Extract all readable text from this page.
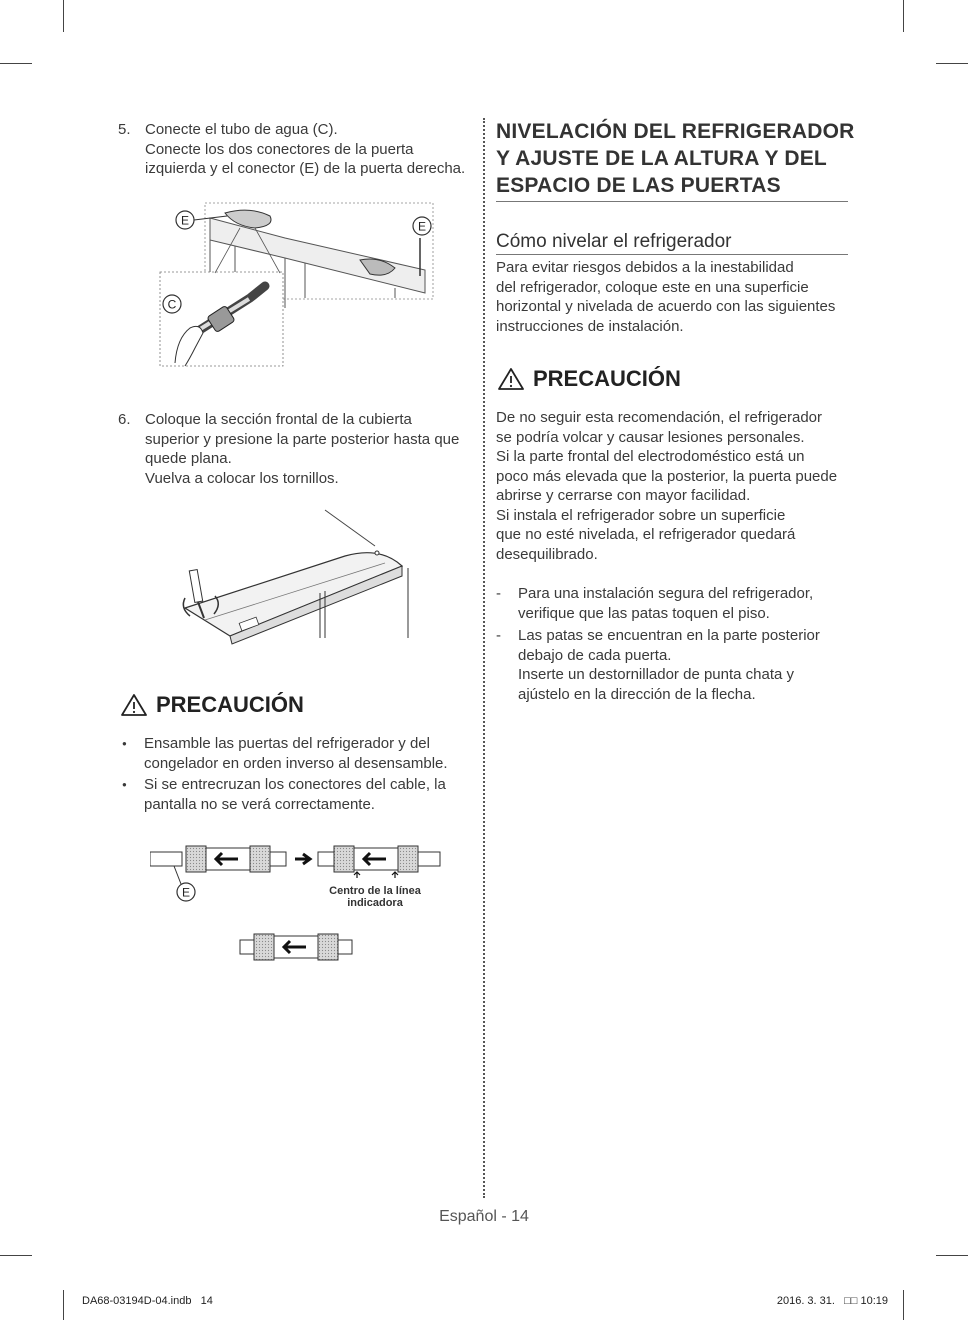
5. Conecte el tubo de agua (C).
Conecte los dos conectores de la puerta
izquierda y el conector (E) de la puerta derecha.
E	E
C
6. Coloque la sección frontal de la cubierta
superior y presione la parte posterior hasta que
quede plana.
Vuelva a colocar los tornillos.
PRECAUCIÓN
● Ensamble las puertas del refrigerador y del congelador en orden inverso al desensamble.
● Si se entrecruzan los conectores del cable, la pantalla no se verá correctamente.
E	Centro de la línea
indicadora
NIVELACIÓN DEL REFRIGERADOR
Y AJUSTE DE LA ALTURA Y DEL
ESPACIO DE LAS PUERTAS
Cómo nivelar el refrigerador
Para evitar riesgos debidos a la inestabilidad
del refrigerador, coloque este en una superficie
horizontal y nivelada de acuerdo con las siguientes
instrucciones de instalación.
PRECAUCIÓN
De no seguir esta recomendación, el refrigerador
se podría volcar y causar lesiones personales.
Si la parte frontal del electrodoméstico está un
poco más elevada que la posterior, la puerta puede
abrirse y cerrarse con mayor facilidad.
Si instala el refrigerador sobre un superficie
que no esté nivelada, el refrigerador quedará
desequilibrado.
- Para una instalación segura del refrigerador,
verifique que las patas toquen el piso.
- Las patas se encuentran en la parte posterior
debajo de cada puerta.
Inserte un destornillador de punta chata y
ajústelo en la dirección de la flecha.
Español - 14
DA68-03194D-04.indb   14	2016. 3. 31.   □□ 10:19
